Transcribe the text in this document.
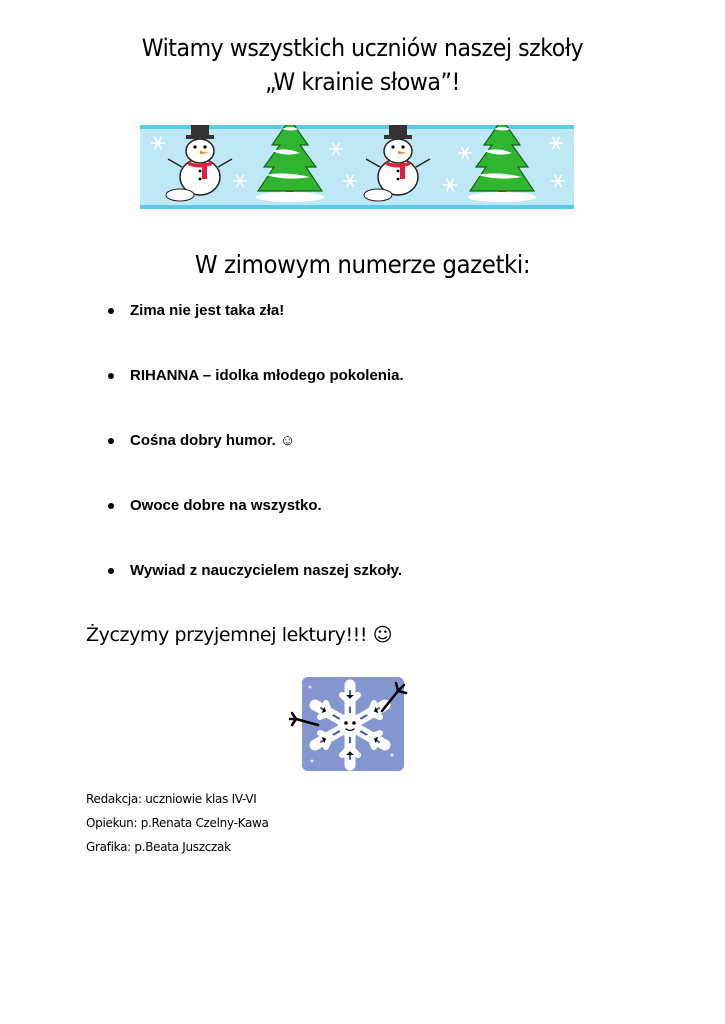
Witamy wszystkich uczniów naszej szkoły
„W krainie słowa”!
W zimowym numerze gazetki:
Zima nie jest taka zła!
RIHANNA – idolka młodego pokolenia.
Cośna dobry humor. ☺
Owoce dobre na wszystko.
Wywiad z nauczycielem naszej szkoły.
Życzymy przyjemnej lektury!!! ☺
Redakcja: uczniowie klas IV-VI
Opiekun: p.Renata Czelny-Kawa
Grafika: p.Beata Juszczak
